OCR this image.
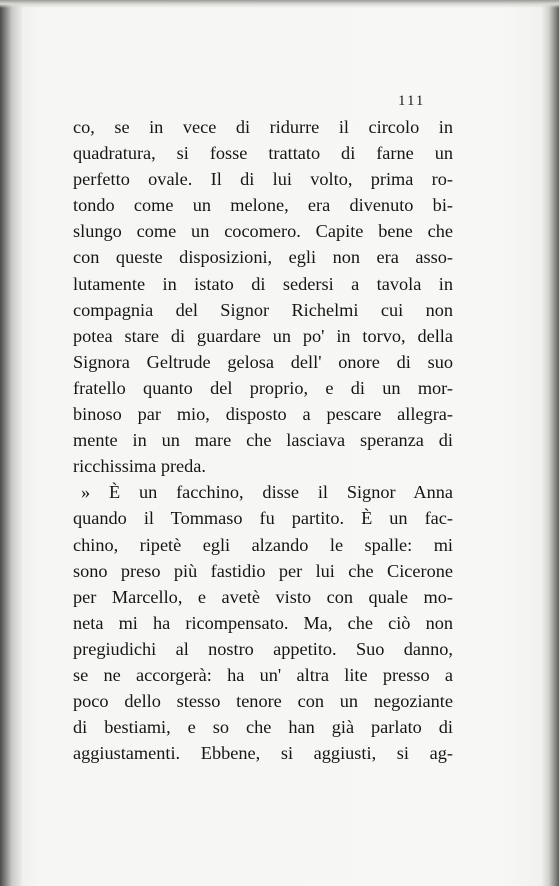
111
co, se in vece di ridurre il circolo in
quadratura, si fosse trattato di farne un
perfetto ovale. Il di lui volto, prima ro-
tondo come un melone, era divenuto bi-
slungo come un cocomero. Capite bene che
con queste disposizioni, egli non era asso-
lutamente in istato di sedersi a tavola in
compagnia del Signor Richelmi cui non
potea stare di guardare un po' in torvo, della
Signora Geltrude gelosa dell' onore di suo
fratello quanto del proprio, e di un mor-
binoso par mio, disposto a pescare allegra-
mente in un mare che lasciava speranza di
ricchissima preda.
» È un facchino, disse il Signor Anna
quando il Tommaso fu partito. È un fac-
chino, ripetè egli alzando le spalle: mi
sono preso più fastidio per lui che Cicerone
per Marcello, e avetè visto con quale mo-
neta mi ha ricompensato. Ma, che ciò non
pregiudichi al nostro appetito. Suo danno,
se ne accorgerà: ha un' altra lite presso a
poco dello stesso tenore con un negoziante
di bestiami, e so che han già parlato di
aggiustamenti. Ebbene, si aggiusti, si ag-
